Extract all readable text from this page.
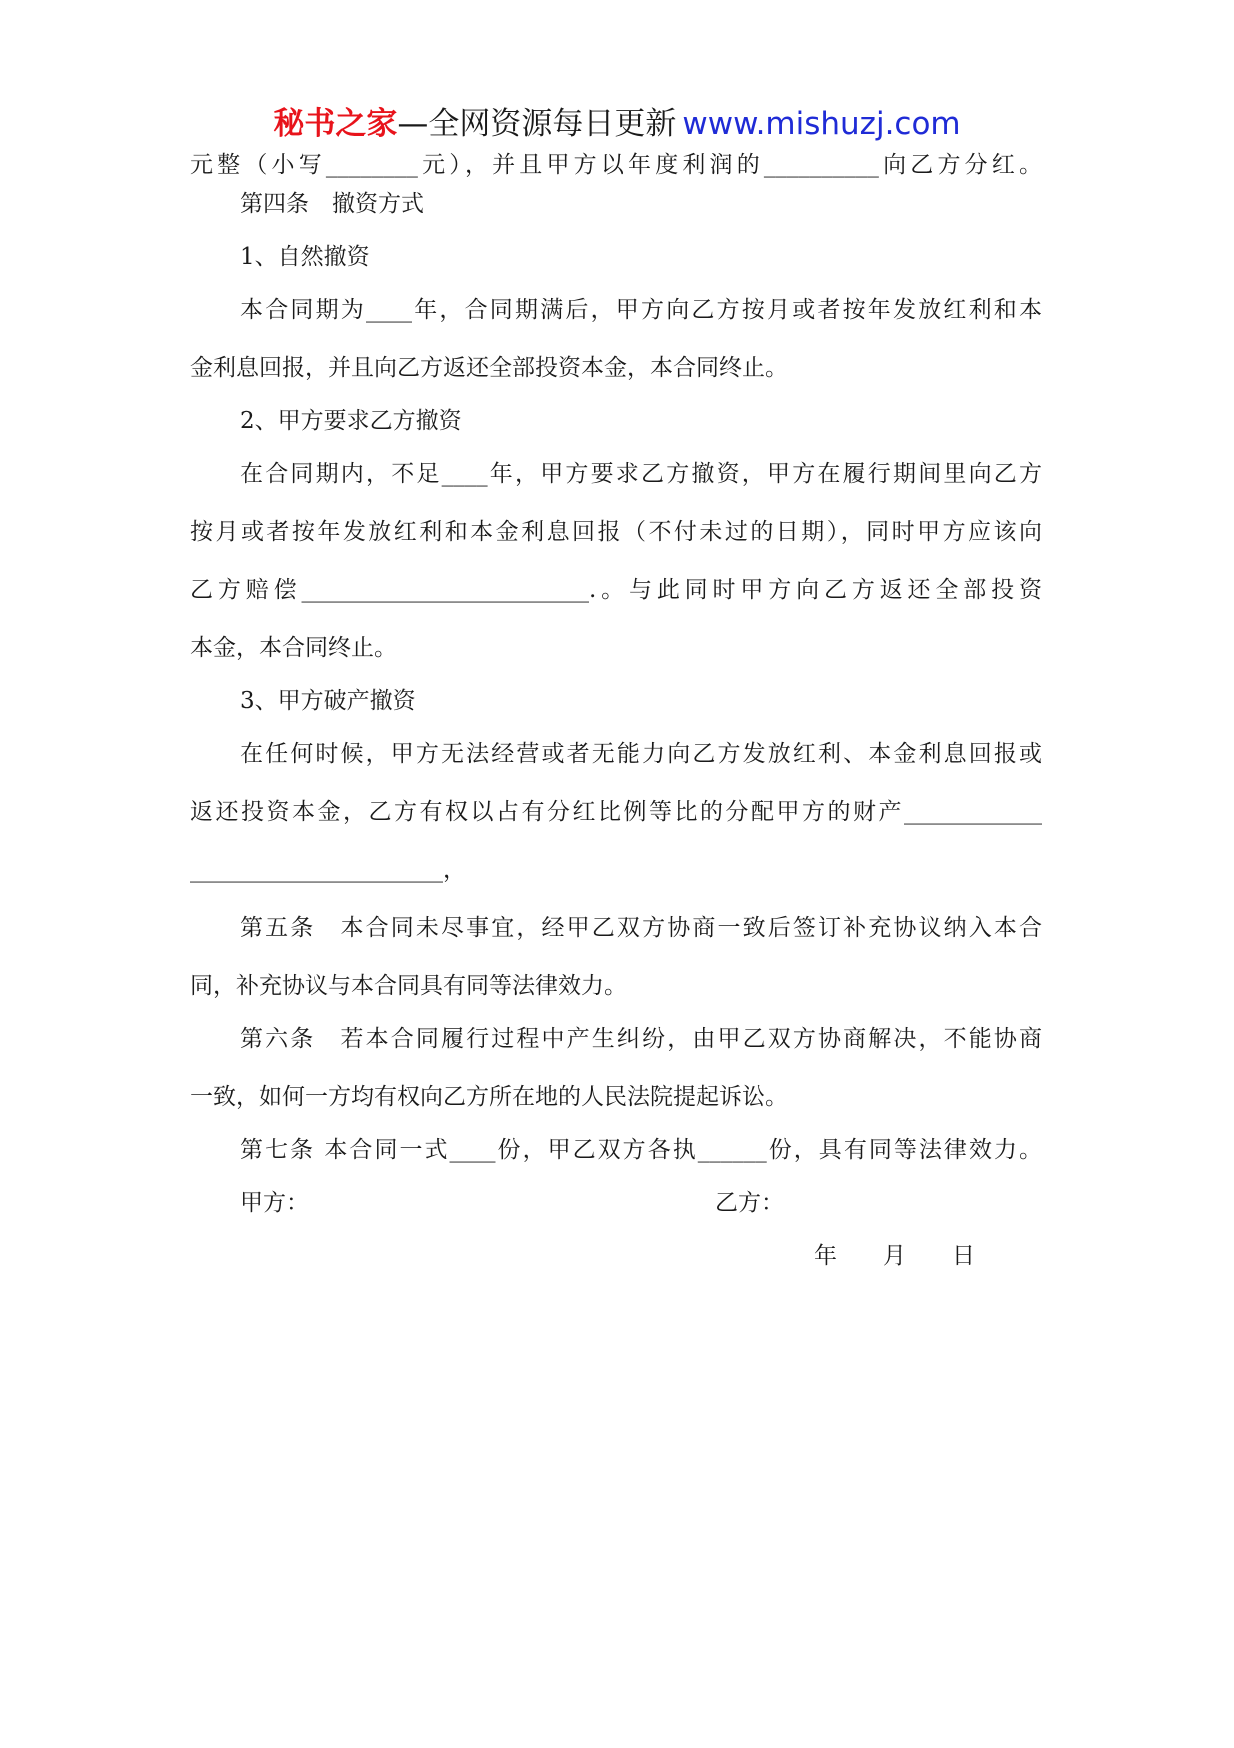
秘书之家—全网资源每日更新 www.mishuzj.com
元整（小写________元），并且甲方以年度利润的__________向乙方分红。
第四条　撤资方式
1、自然撤资
本合同期为____年，合同期满后，甲方向乙方按月或者按年发放红利和本
金利息回报，并且向乙方返还全部投资本金，本合同终止。
2、甲方要求乙方撤资
在合同期内，不足____年，甲方要求乙方撤资，甲方在履行期间里向乙方
按月或者按年发放红利和本金利息回报（不付未过的日期），同时甲方应该向
乙方赔偿_________________________.。与此同时甲方向乙方返还全部投资
本金，本合同终止。
3、甲方破产撤资
在任何时候，甲方无法经营或者无能力向乙方发放红利、本金利息回报或
返还投资本金，乙方有权以占有分红比例等比的分配甲方的财产____________
______________________，
第五条　本合同未尽事宜，经甲乙双方协商一致后签订补充协议纳入本合
同，补充协议与本合同具有同等法律效力。
第六条　若本合同履行过程中产生纠纷，由甲乙双方协商解决，不能协商
一致，如何一方均有权向乙方所在地的人民法院提起诉讼。
第七条 本合同一式____份，甲乙双方各执______份，具有同等法律效力。
甲方：	乙方：
年　　月　　日
